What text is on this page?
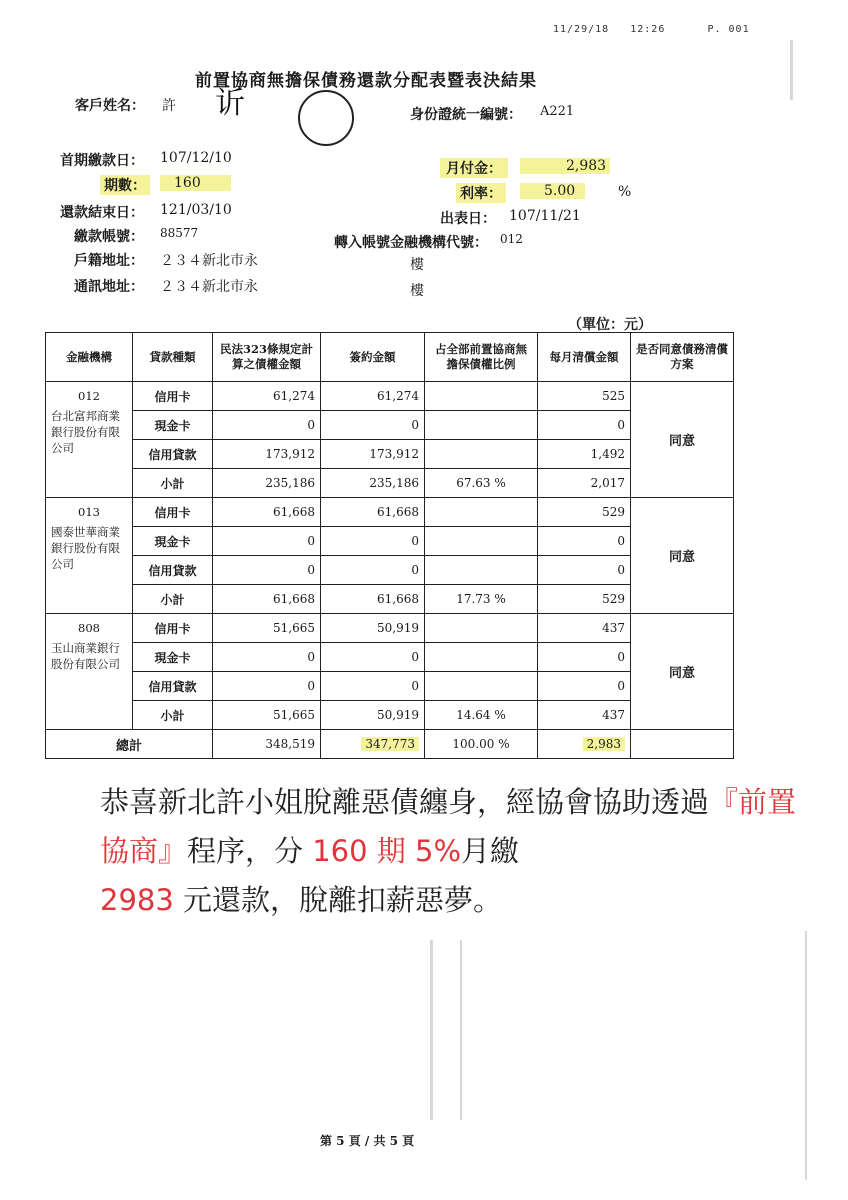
11/29/18 12:26	P. 001
前置協商無擔保債務還款分配表暨表決結果
客戶姓名： 許 䜣	身份證統一編號： A221
首期繳款日： 107/12/10
期數：	160
還款結束日： 121/03/10
繳款帳號： 88577
戶籍地址： ２３４新北市永
通訊地址： ２３４新北市永
月付金：	2,983
利率：	5.00	%
出表日： 107/11/21
轉入帳號金融機構代號： 012
樓
樓
（單位：元）
金融機構	貸款種類	民法323條規定計算之債權金額	簽約金額	占全部前置協商無擔保債權比例	每月清償金額	是否同意債務清償方案

012
台北富邦商業銀行股份有限公司	信用卡	61,274	61,274		525	同意
	現金卡	0	0		0	
	信用貸款	173,912	173,912		1,492	
	小計	235,186	235,186	67.63 %	2,017	

013
國泰世華商業銀行股份有限公司	信用卡	61,668	61,668		529	同意
	現金卡	0	0		0	
	信用貸款	0	0		0	
	小計	61,668	61,668	17.73 %	529	

808
玉山商業銀行股份有限公司	信用卡	51,665	50,919		437	同意
	現金卡	0	0		0	
	信用貸款	0	0		0	
	小計	51,665	50,919	14.64 %	437	
總計		348,519	347,773	100.00 %	2,983	
恭喜新北許小姐脫離惡債纏身，經協會協助透過『前置協商』程序，分 160 期 5%月繳
2983 元還款，脫離扣薪惡夢。
第 5 頁 / 共 5 頁
